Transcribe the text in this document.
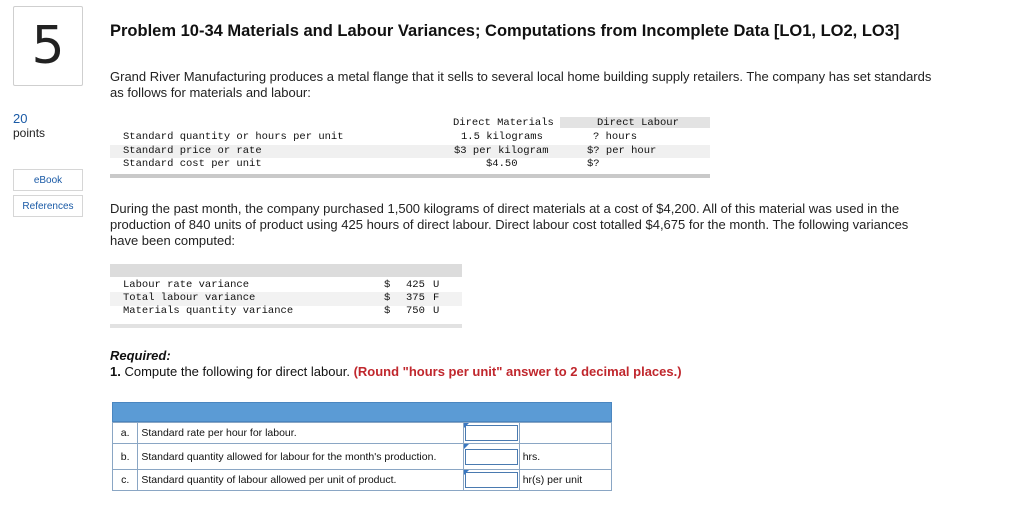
5
20
points
eBook
References
Problem 10-34 Materials and Labour Variances; Computations from Incomplete Data [LO1, LO2, LO3]
Grand River Manufacturing produces a metal flange that it sells to several local home building supply retailers. The company has set standards as follows for materials and labour:
Direct Materials	Direct Labour
Standard quantity or hours per unit	1.5 kilograms	? hours
Standard price or rate	$3 per kilogram	$? per hour
Standard cost per unit	$4.50	$?
During the past month, the company purchased 1,500 kilograms of direct materials at a cost of $4,200. All of this material was used in the production of 840 units of product using 425 hours of direct labour. Direct labour cost totalled $4,675 for the month. The following variances have been computed:
Labour rate variance	$ 425 U
Total labour variance	$ 375 F
Materials quantity variance	$ 750 U
Required:
1. Compute the following for direct labour. (Round "hours per unit" answer to 2 decimal places.)
a.	Standard rate per hour for labour.	

b.	Standard quantity allowed for labour for the month's production.		hrs.
c.	Standard quantity of labour allowed per unit of product.		hr(s) per unit
